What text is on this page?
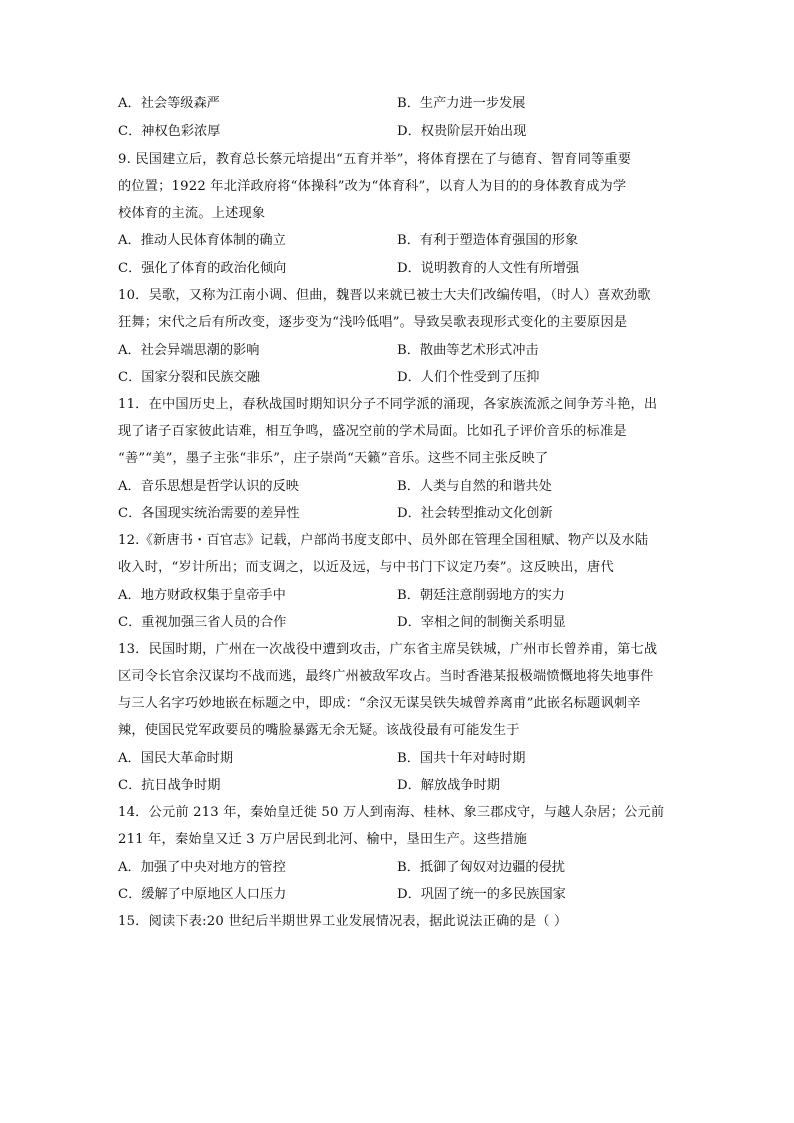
A．社会等级森严	B．生产力进一步发展
C．神权色彩浓厚	D．权贵阶层开始出现
9. 民国建立后，教育总长蔡元培提出“五育并举”，将体育摆在了与德育、智育同等重要
的位置；1922 年北洋政府将“体操科”改为“体育科”，以育人为目的的身体教育成为学
校体育的主流。上述现象
A．推动人民体育体制的确立	B．有利于塑造体育强国的形象
C．强化了体育的政治化倾向	D．说明教育的人文性有所增强
10．吴歌，又称为江南小调、但曲，魏晋以来就已被士大夫们改编传唱，（时人）喜欢劲歌
狂舞；宋代之后有所改变，逐步变为“浅吟低唱”。导致吴歌表现形式变化的主要原因是
A．社会异端思潮的影响	B．散曲等艺术形式冲击
C．国家分裂和民族交融	D．人们个性受到了压抑
11．在中国历史上，春秋战国时期知识分子不同学派的涌现，各家族流派之间争芳斗艳，出
现了诸子百家彼此诘难，相互争鸣，盛况空前的学术局面。比如孔子评价音乐的标准是
“善”“美”，墨子主张“非乐”，庄子崇尚“天籁”音乐。这些不同主张反映了
A．音乐思想是哲学认识的反映	B．人类与自然的和谐共处
C．各国现实统治需要的差异性	D．社会转型推动文化创新
12.《新唐书・百官志》记载，户部尚书度支郎中、员外郎在管理全国租赋、物产以及水陆
收入时，“岁计所出；而支调之，以近及远，与中书门下议定乃奏”。这反映出，唐代
A．地方财政权集于皇帝手中	B．朝廷注意削弱地方的实力
C．重视加强三省人员的合作	D．宰相之间的制衡关系明显
13．民国时期，广州在一次战役中遭到攻击，广东省主席吴铁城，广州市长曾养甫，第七战
区司令长官余汉谋均不战而逃，最终广州被敌军攻占。当时香港某报极端愤慨地将失地事件
与三人名字巧妙地嵌在标题之中，即成：“余汉无谋吴铁失城曾养离甫”此嵌名标题讽刺辛
辣，使国民党军政要员的嘴脸暴露无余无疑。该战役最有可能发生于
A．国民大革命时期	B．国共十年对峙时期
C．抗日战争时期	D．解放战争时期
14．公元前 213 年，秦始皇迁徙 50 万人到南海、桂林、象三郡戍守，与越人杂居；公元前
211 年，秦始皇又迁 3 万户居民到北河、榆中，垦田生产。这些措施
A．加强了中央对地方的管控	B．抵御了匈奴对边疆的侵扰
C．缓解了中原地区人口压力	D．巩固了统一的多民族国家
15．阅读下表:20 世纪后半期世界工业发展情况表，据此说法正确的是（ ）
